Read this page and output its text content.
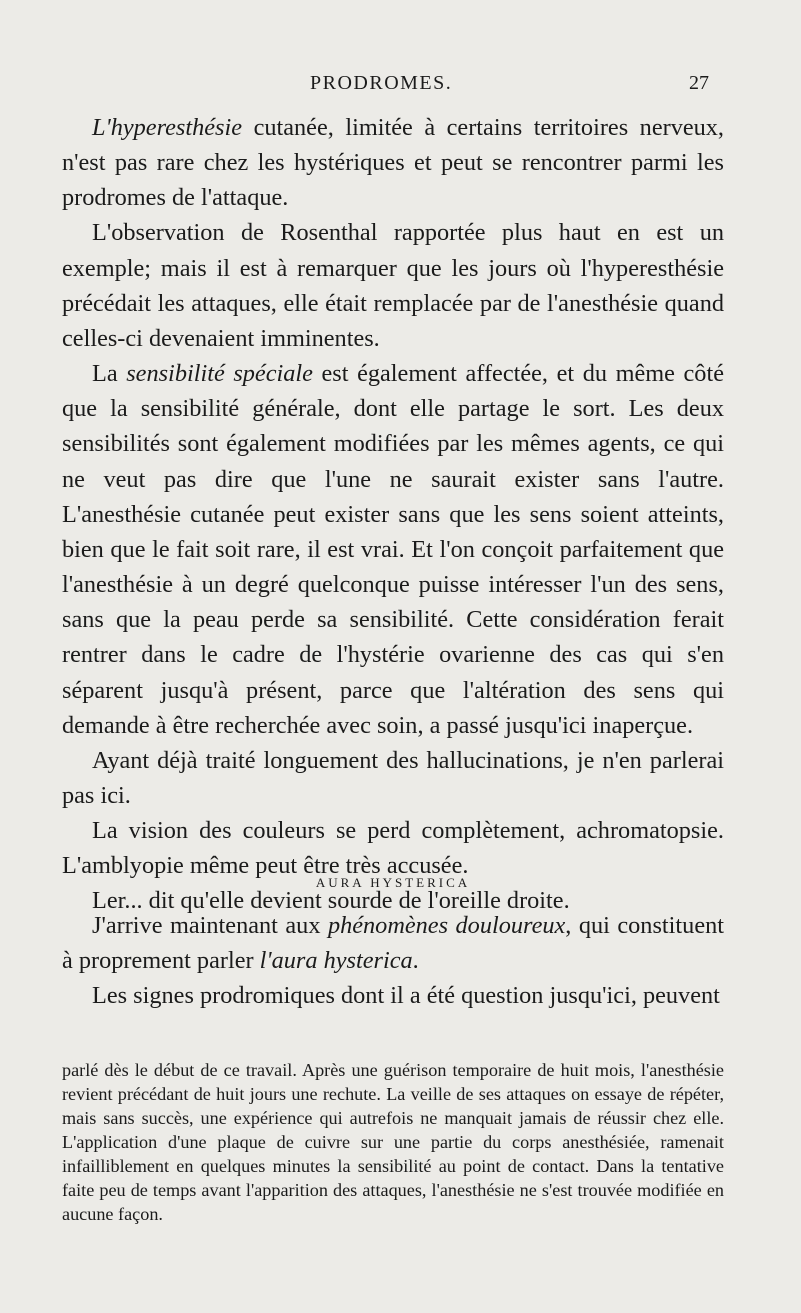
PRODROMES.	27

L'hyperesthésie cutanée, limitée à certains territoires nerveux, n'est pas rare chez les hystériques et peut se rencontrer parmi les prodromes de l'attaque.

L'observation de Rosenthal rapportée plus haut en est un exemple; mais il est à remarquer que les jours où l'hyperesthésie précédait les attaques, elle était remplacée par de l'anesthésie quand celles-ci devenaient imminentes.

La sensibilité spéciale est également affectée, et du même côté que la sensibilité générale, dont elle partage le sort. Les deux sensibilités sont également modifiées par les mêmes agents, ce qui ne veut pas dire que l'une ne saurait exister sans l'autre. L'anesthésie cutanée peut exister sans que les sens soient atteints, bien que le fait soit rare, il est vrai. Et l'on conçoit parfaitement que l'anesthésie à un degré quelconque puisse intéresser l'un des sens, sans que la peau perde sa sensibilité. Cette considération ferait rentrer dans le cadre de l'hystérie ovarienne des cas qui s'en séparent jusqu'à présent, parce que l'altération des sens qui demande à être recherchée avec soin, a passé jusqu'ici inaperçue.

Ayant déjà traité longuement des hallucinations, je n'en parlerai pas ici.

La vision des couleurs se perd complètement, achromatopsie. L'amblyopie même peut être très accusée.

Ler... dit qu'elle devient sourde de l'oreille droite.

AURA HYSTERICA

J'arrive maintenant aux phénomènes douloureux, qui constituent à proprement parler l'aura hysterica.

Les signes prodromiques dont il a été question jusqu'ici, peuvent

parlé dès le début de ce travail. Après une guérison temporaire de huit mois, l'anesthésie revient précédant de huit jours une rechute. La veille de ses attaques on essaye de répéter, mais sans succès, une expérience qui autrefois ne manquait jamais de réussir chez elle. L'application d'une plaque de cuivre sur une partie du corps anesthésiée, ramenait infailliblement en quelques minutes la sensibilité au point de contact. Dans la tentative faite peu de temps avant l'apparition des attaques, l'anesthésie ne s'est trouvée modifiée en aucune façon.
